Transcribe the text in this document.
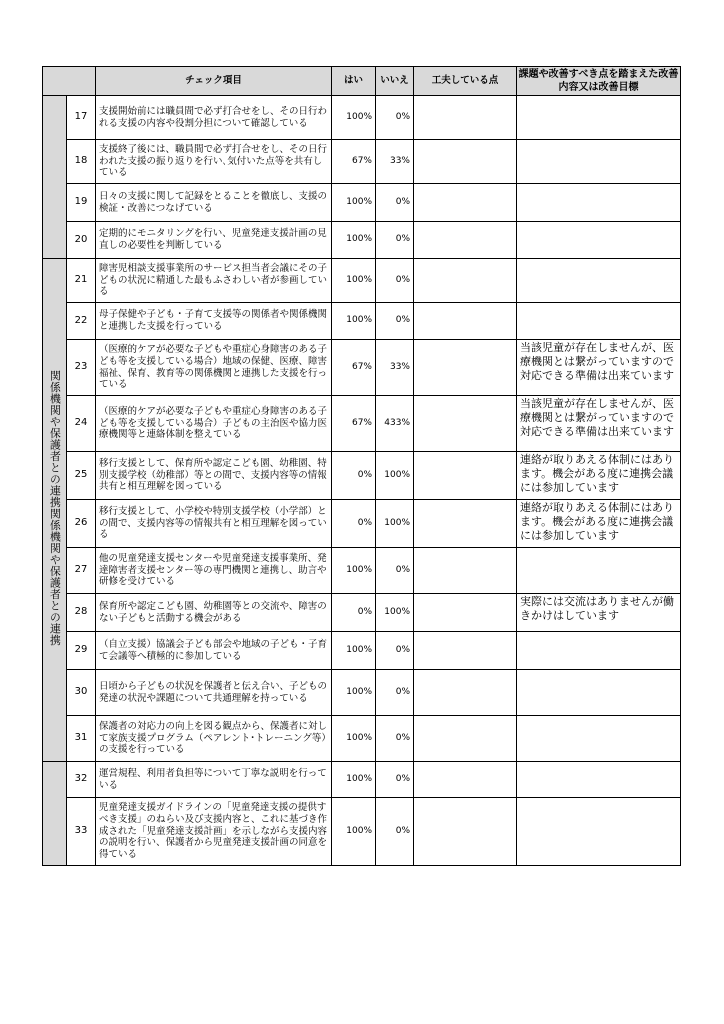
		チェック項目	はい	いいえ	工夫している点	課題や改善すべき点を踏まえた改善内容又は改善目標
	17	支援開始前には職員間で必ず打合せをし、その日行われる支援の内容や役割分担について確認している	100%	0%		
	18	支援終了後には、職員間で必ず打合せをし、その日行われた支援の振り返りを行い､気付いた点等を共有している	67%	33%		
	19	日々の支援に関して記録をとることを徹底し、支援の検証・改善につなげている	100%	0%		
	20	定期的にモニタリングを行い、児童発達支援計画の見直しの必要性を判断している	100%	0%		
関係機関や保護者との連携関係機関や保護者との連携	21	障害児相談支援事業所のサービス担当者会議にその子どもの状況に精通した最もふさわしい者が参画している	100%	0%		
	22	母子保健や子ども・子育て支援等の関係者や関係機関と連携した支援を行っている	100%	0%		
	23	（医療的ケアが必要な子どもや重症心身障害のある子ども等を支援している場合）地域の保健、医療、障害福祉、保育、教育等の関係機関と連携した支援を行っている	67%	33%		当該児童が存在しませんが、医療機関とは繋がっていますので対応できる準備は出来ています
	24	（医療的ケアが必要な子どもや重症心身障害のある子ども等を支援している場合）子どもの主治医や協力医療機関等と連絡体制を整えている	67%	433%		当該児童が存在しませんが、医療機関とは繋がっていますので対応できる準備は出来ています
	25	移行支援として、保育所や認定こども園、幼稚園、特別支援学校（幼稚部）等との間で、支援内容等の情報共有と相互理解を図っている	0%	100%		連絡が取りあえる体制にはあります。機会がある度に連携会議には参加しています
	26	移行支援として、小学校や特別支援学校（小学部）との間で、支援内容等の情報共有と相互理解を図っている	0%	100%		連絡が取りあえる体制にはあります。機会がある度に連携会議には参加しています
	27	他の児童発達支援センターや児童発達支援事業所、発達障害者支援センター等の専門機関と連携し、助言や研修を受けている	100%	0%		
	28	保育所や認定こども園、幼稚園等との交流や、障害のない子どもと活動する機会がある	0%	100%		実際には交流はありませんが働きかけはしています
	29	（自立支援）協議会子ども部会や地域の子ども・子育て会議等へ積極的に参加している	100%	0%		
	30	日頃から子どもの状況を保護者と伝え合い、子どもの発達の状況や課題について共通理解を持っている	100%	0%		
	31	保護者の対応力の向上を図る観点から、保護者に対して家族支援プログラム（ペアレント･トレーニング等）の支援を行っている	100%	0%		
	32	運営規程、利用者負担等について丁寧な説明を行っている	100%	0%		
	33	児童発達支援ガイドラインの「児童発達支援の提供すべき支援」のねらい及び支援内容と、これに基づき作成された「児童発達支援計画」を示しながら支援内容の説明を行い、保護者から児童発達支援計画の同意を得ている	100%	0%		
